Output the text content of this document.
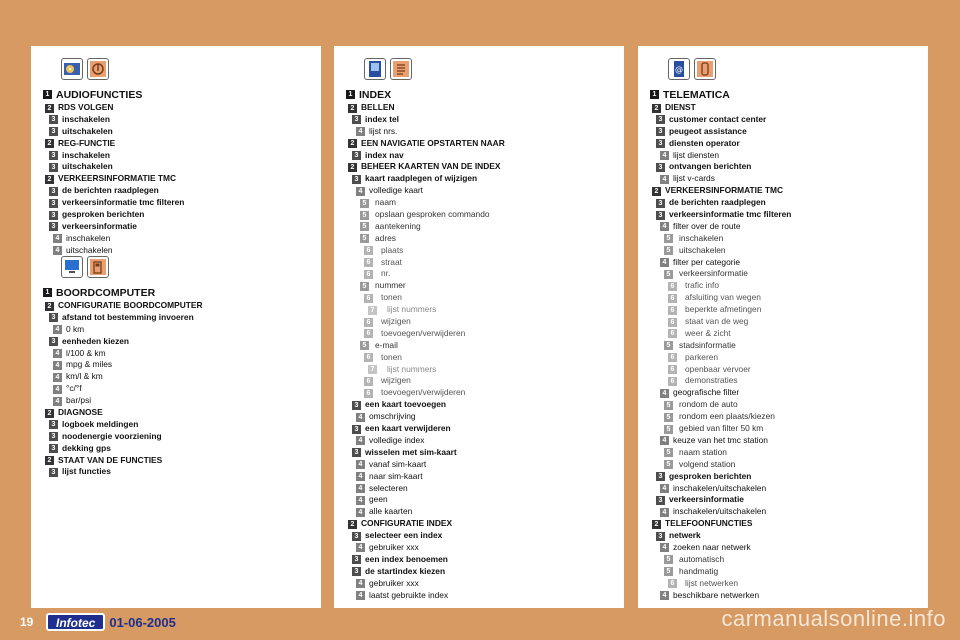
1 AUDIOFUNCTIES
2 RDS VOLGEN
3 inschakelen
3 uitschakelen
2 REG-FUNCTIE
3 inschakelen
3 uitschakelen
2 VERKEERSINFORMATIE TMC
3 de berichten raadplegen
3 verkeersinformatie tmc filteren
3 gesproken berichten
3 verkeersinformatie
4 inschakelen
4 uitschakelen
1 BOORDCOMPUTER
2 CONFIGURATIE BOORDCOMPUTER
3 afstand tot bestemming invoeren
4 0 km
3 eenheden kiezen
4 l/100 & km
4 mpg & miles
4 km/l & km
4 °c/°f
4 bar/psi
2 DIAGNOSE
3 logboek meldingen
3 noodenergie voorziening
3 dekking gps
2 STAAT VAN DE FUNCTIES
3 lijst functies
1 INDEX
2 BELLEN
3 index tel
4 lijst nrs.
2 EEN NAVIGATIE OPSTARTEN NAAR
3 index nav
2 BEHEER KAARTEN VAN DE INDEX
3 kaart raadplegen of wijzigen
4 volledige kaart
5	naam
5	opslaan gesproken commando
5	aantekening
5	adres
6	plaats
6	straat
6	nr.
5	nummer
6	tonen
7	lijst nummers
6	wijzigen
6	toevoegen/verwijderen
5	e-mail
6	tonen
7	lijst nummers
6	wijzigen
6	toevoegen/verwijderen
3 een kaart toevoegen
4 omschrijving
3 een kaart verwijderen
4 volledige index
3 wisselen met sim-kaart
4 vanaf sim-kaart
4 naar sim-kaart
4 selecteren
4 geen
4 alle kaarten
2 CONFIGURATIE INDEX
3 selecteer een index
4 gebruiker xxx
3 een index benoemen
3 de startindex kiezen
4 gebruiker xxx
4 laatst gebruikte index
@
1 TELEMATICA
2 DIENST
3 customer contact center
3 peugeot assistance
3 diensten operator
4 lijst diensten
3 ontvangen berichten
4 lijst v-cards
2 VERKEERSINFORMATIE TMC
3 de berichten raadplegen
3 verkeersinformatie tmc filteren
4 filter over de route
5	inschakelen
5	uitschakelen
4 filter per categorie
5	verkeersinformatie
6	trafic info
6	afsluiting van wegen
6	beperkte afmetingen
6	staat van de weg
6	weer & zicht
5	stadsinformatie
6	parkeren
6	openbaar vervoer
6	demonstraties
4 geografische filter
5	rondom de auto
5	rondom een plaats/kiezen
5	gebied van filter 50 km
4 keuze van het tmc station
5	naam station
5	volgend station
3 gesproken berichten
4 inschakelen/uitschakelen
3 verkeersinformatie
4 inschakelen/uitschakelen
2 TELEFOONFUNCTIES
3 netwerk
4 zoeken naar netwerk
5	automatisch
5	handmatig
6	lijst netwerken
4 beschikbare netwerken
19	Infotec	01-06-2005	carmanualsonline.info
